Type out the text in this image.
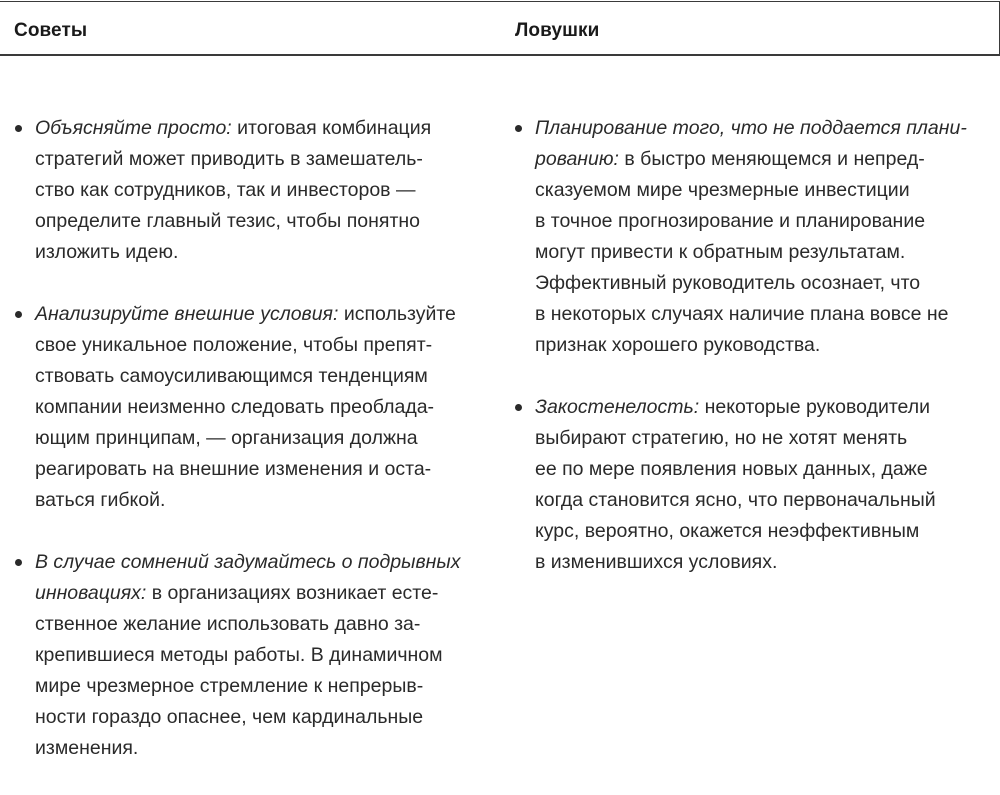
Советы	Ловушки
Объясняйте просто: итоговая комбинация
стратегий может приводить в замешатель-
ство как сотрудников, так и инвесторов —
определите главный тезис, чтобы понятно
изложить идею.
Анализируйте внешние условия: используйте
свое уникальное положение, чтобы препят-
ствовать самоусиливающимся тенденциям
компании неизменно следовать преоблада-
ющим принципам, — организация должна
реагировать на внешние изменения и оста-
ваться гибкой.
В случае сомнений задумайтесь о подрывных
инновациях: в организациях возникает есте-
ственное желание использовать давно за-
крепившиеся методы работы. В динамичном
мире чрезмерное стремление к непрерыв-
ности гораздо опаснее, чем кардинальные
изменения.
Планирование того, что не поддается плани-
рованию: в быстро меняющемся и непред-
сказуемом мире чрезмерные инвестиции
в точное прогнозирование и планирование
могут привести к обратным результатам.
Эффективный руководитель осознает, что
в некоторых случаях наличие плана вовсе не
признак хорошего руководства.
Закостенелость: некоторые руководители
выбирают стратегию, но не хотят менять
ее по мере появления новых данных, даже
когда становится ясно, что первоначальный
курс, вероятно, окажется неэффективным
в изменившихся условиях.
